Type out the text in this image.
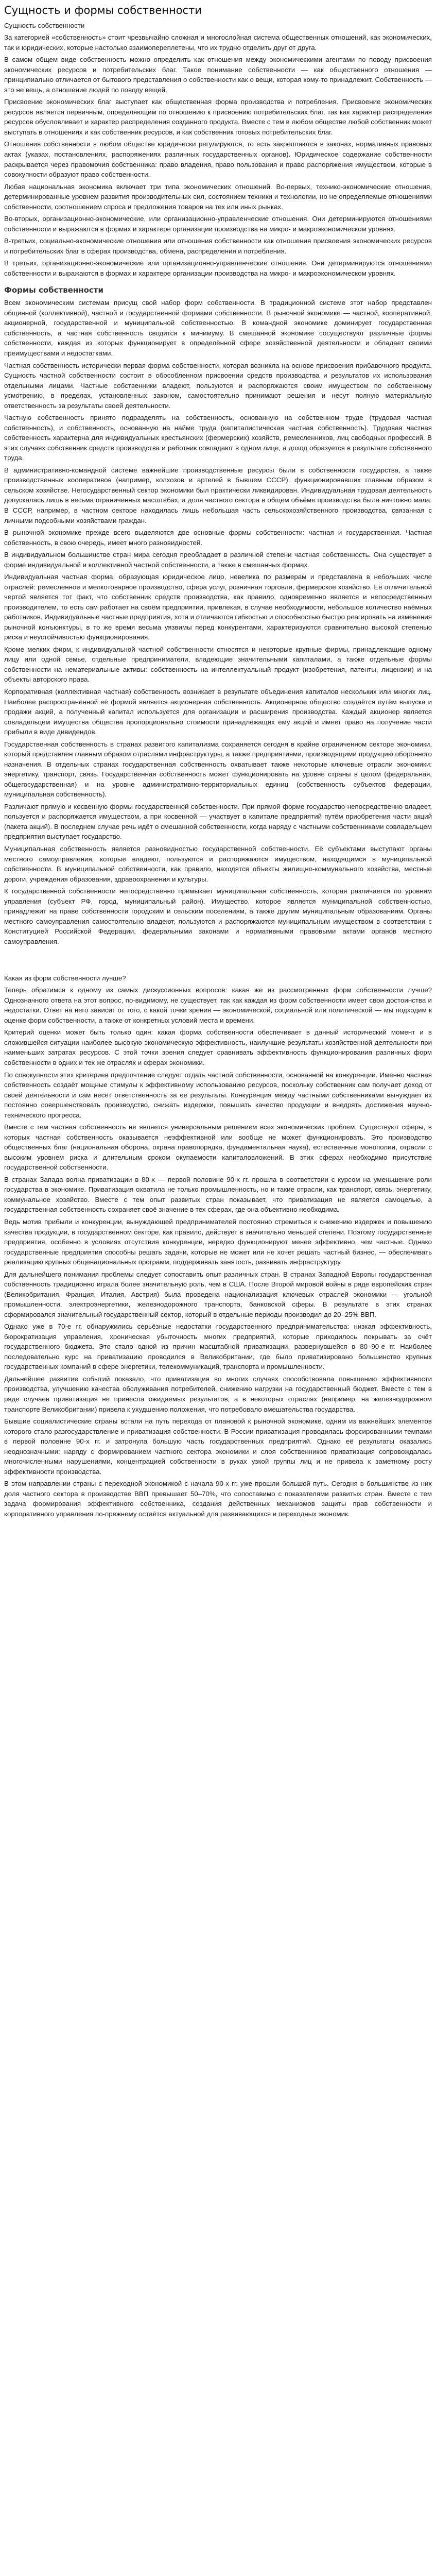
Сущность и формы собственности
Сущность собственности

За категорией «собственность» стоит чрезвычайно сложная и многослойная система общественных отношений, как экономических, так и юридических, которые настолько взаимопереплетены, что их трудно отделить друг от друга.

В самом общем виде собственность можно определить как отношения между экономическими агентами по поводу присвоения экономических ресурсов и потребительских благ. Такое понимание собственности — как общественного отношения — принципиально отличается от бытового представления о собственности как о вещи, которая кому-то принадлежит. Собственность — это не вещь, а отношение людей по поводу вещей.

Присвоение экономических благ выступает как общественная форма производства и потребления. Присвоение экономических ресурсов является первичным, определяющим по отношению к присвоению потребительских благ, так как характер распределения ресурсов обусловливает и характер распределения созданного продукта. Вместе с тем в любом обществе любой собственник может выступать в отношениях и как собственник ресурсов, и как собственник готовых потребительских благ.

Отношения собственности в любом обществе юридически регулируются, то есть закрепляются в законах, нормативных правовых актах (указах, постановлениях, распоряжениях различных государственных органов). Юридическое содержание собственности раскрывается через правомочия собственника: право владения, право пользования и право распоряжения имуществом, которые в совокупности образуют право собственности.

Любая национальная экономика включает три типа экономических отношений. Во-первых, технико-экономические отношения, детерминированные уровнем развития производительных сил, состоянием техники и технологии, но не определяемые отношениями собственности, соотношением спроса и предложения товаров на тех или иных рынках.

Во-вторых, организационно-экономические, или организационно-управленческие отношения. Они детерминируются отношениями собственности и выражаются в формах и характере организации производства на микро- и макроэкономическом уровнях.

В-третьих, социально-экономические отношения или отношения собственности как отношения присвоения экономических ресурсов и потребительских благ в сферах производства, обмена, распределения и потребления.

В третьих, организационно-экономические или организационно-управленческие отношения. Они детерминируются отношениями собственности и выражаются в формах и характере организации производства на микро- и макроэкономическом уровнях.

Формы собственности

Всем экономическим системам присущ свой набор форм собственности. В традиционной системе этот набор представлен общинной (коллективной), частной и государственной формами собственности. В рыночной экономике — частной, кооперативной, акционерной, государственной и муниципальной собственностью. В командной экономике доминирует государственная собственность, а частная собственность сводится к минимуму. В смешанной экономике сосуществуют различные формы собственности, каждая из которых функционирует в определённой сфере хозяйственной деятельности и обладает своими преимуществами и недостатками.

Частная собственность исторически первая форма собственности, которая возникла на основе присвоения прибавочного продукта. Сущность частной собственности состоит в обособленном присвоении средств производства и результатов их использования отдельными лицами. Частные собственники владеют, пользуются и распоряжаются своим имуществом по собственному усмотрению, в пределах, установленных законом, самостоятельно принимают решения и несут полную материальную ответственность за результаты своей деятельности.

Частную собственность принято подразделять на собственность, основанную на собственном труде (трудовая частная собственность), и собственность, основанную на найме труда (капиталистическая частная собственность). Трудовая частная собственность характерна для индивидуальных крестьянских (фермерских) хозяйств, ремесленников, лиц свободных профессий. В этих случаях собственник средств производства и работник совпадают в одном лице, а доход образуется в результате собственного труда.

В административно-командной системе важнейшие производственные ресурсы были в собственности государства, а также производственных кооперативов (например, колхозов и артелей в бывшем СССР), функционировавших главным образом в сельском хозяйстве. Негосударственный сектор экономики был практически ликвидирован. Индивидуальная трудовая деятельность допускалась лишь в весьма ограниченных масштабах, а доля частного сектора в общем объёме производства была ничтожно мала. В СССР, например, в частном секторе находилась лишь небольшая часть сельскохозяйственного производства, связанная с личными подсобными хозяйствами граждан.

В рыночной экономике прежде всего выделяются две основные формы собственности: частная и государственная. Частная собственность, в свою очередь, имеет много разновидностей.

В индивидуальном большинстве стран мира сегодня преобладает в различной степени частная собственность. Она существует в форме индивидуальной и коллективной частной собственности, а также в смешанных формах.

Индивидуальная частная форма, образующая юридическое лицо, невелика по размерам и представлена в небольших числе отраслей: ремесленное и мелкотоварное производство, сфера услуг, розничная торговля, фермерское хозяйство. Её отличительной чертой является тот факт, что собственник средств производства, как правило, одновременно является и непосредственным производителем, то есть сам работает на своём предприятии, привлекая, в случае необходимости, небольшое количество наёмных работников. Индивидуальные частные предприятия, хотя и отличаются гибкостью и способностью быстро реагировать на изменения рыночной конъюнктуры, в то же время весьма уязвимы перед конкурентами, характеризуются сравнительно высокой степенью риска и неустойчивостью функционирования.

Кроме мелких фирм, к индивидуальной частной собственности относятся и некоторые крупные фирмы, принадлежащие одному лицу или одной семье, отдельные предприниматели, владеющие значительными капиталами, а также отдельные формы собственности на нематериальные активы: собственность на интеллектуальный продукт (изобретения, патенты, лицензии) и на объекты авторского права.

Корпоративная (коллективная частная) собственность возникает в результате объединения капиталов нескольких или многих лиц. Наиболее распространённой её формой является акционерная собственность. Акционерное общество создаётся путём выпуска и продажи акций, а полученный капитал используется для организации и расширения производства. Каждый акционер является совладельцем имущества общества пропорционально стоимости принадлежащих ему акций и имеет право на получение части прибыли в виде дивидендов.

Государственная собственность в странах развитого капитализма сохраняется сегодня в крайне ограниченном секторе экономики, который представлен главным образом отраслями инфраструктуры, а также предприятиями, производящими продукцию оборонного назначения. В отдельных странах государственная собственность охватывает также некоторые ключевые отрасли экономики: энергетику, транспорт, связь. Государственная собственность может функционировать на уровне страны в целом (федеральная, общегосударственная) и на уровне административно-территориальных единиц (собственность субъектов федерации, муниципальная собственность).

Различают прямую и косвенную формы государственной собственности. При прямой форме государство непосредственно владеет, пользуется и распоряжается имуществом, а при косвенной — участвует в капитале предприятий путём приобретения части акций (пакета акций). В последнем случае речь идёт о смешанной собственности, когда наряду с частными собственниками совладельцем предприятия выступает государство.

Муниципальная собственность является разновидностью государственной собственности. Её субъектами выступают органы местного самоуправления, которые владеют, пользуются и распоряжаются имуществом, находящимся в муниципальной собственности. В муниципальной собственности, как правило, находятся объекты жилищно-коммунального хозяйства, местные дороги, учреждения образования, здравоохранения и культуры.

К государственной собственности непосредственно примыкает муниципальная собственность, которая различается по уровням управления (субъект РФ, город, муниципальный район). Имущество, которое является муниципальной собственностью, принадлежит на праве собственности городским и сельским поселениям, а также другим муниципальным образованиям. Органы местного самоуправления самостоятельно владеют, пользуются и распоряжаются муниципальным имуществом в соответствии с Конституцией Российской Федерации, федеральными законами и нормативными правовыми актами органов местного самоуправления.

Какая из форм собственности лучше?

Теперь обратимся к одному из самых дискуссионных вопросов: какая же из рассмотренных форм собственности лучше? Однозначного ответа на этот вопрос, по-видимому, не существует, так как каждая из форм собственности имеет свои достоинства и недостатки. Ответ на него зависит от того, с какой точки зрения — экономической, социальной или политической — мы подходим к оценке форм собственности, а также от конкретных условий места и времени.

Критерий оценки может быть только один: какая форма собственности обеспечивает в данный исторический момент и в сложившейся ситуации наиболее высокую экономическую эффективность, наилучшие результаты хозяйственной деятельности при наименьших затратах ресурсов. С этой точки зрения следует сравнивать эффективность функционирования различных форм собственности в одних и тех же отраслях и сферах экономики.

По совокупности этих критериев предпочтение следует отдать частной собственности, основанной на конкуренции. Именно частная собственность создаёт мощные стимулы к эффективному использованию ресурсов, поскольку собственник сам получает доход от своей деятельности и сам несёт ответственность за её результаты. Конкуренция между частными собственниками вынуждает их постоянно совершенствовать производство, снижать издержки, повышать качество продукции и внедрять достижения научно-технического прогресса.

Вместе с тем частная собственность не является универсальным решением всех экономических проблем. Существуют сферы, в которых частная собственность оказывается неэффективной или вообще не может функционировать. Это производство общественных благ (национальная оборона, охрана правопорядка, фундаментальная наука), естественные монополии, отрасли с высоким уровнем риска и длительным сроком окупаемости капиталовложений. В этих сферах необходимо присутствие государственной собственности.

В странах Запада волна приватизации в 80-х — первой половине 90-х гг. прошла в соответствии с курсом на уменьшение роли государства в экономике. Приватизация охватила не только промышленность, но и такие отрасли, как транспорт, связь, энергетику, коммунальное хозяйство. Вместе с тем опыт развитых стран показывает, что приватизация не является самоцелью, а государственная собственность сохраняет своё значение в тех сферах, где она объективно необходима.

Ведь мотив прибыли и конкуренции, вынуждающей предпринимателей постоянно стремиться к снижению издержек и повышению качества продукции, в государственном секторе, как правило, действует в значительно меньшей степени. Поэтому государственные предприятия, особенно в условиях отсутствия конкуренции, нередко функционируют менее эффективно, чем частные. Однако государственные предприятия способны решать задачи, которые не может или не хочет решать частный бизнес, — обеспечивать реализацию крупных общенациональных программ, поддерживать занятость, развивать инфраструктуру.

Для дальнейшего понимания проблемы следует сопоставить опыт различных стран. В странах Западной Европы государственная собственность традиционно играла более значительную роль, чем в США. После Второй мировой войны в ряде европейских стран (Великобритания, Франция, Италия, Австрия) была проведена национализация ключевых отраслей экономики — угольной промышленности, электроэнергетики, железнодорожного транспорта, банковской сферы. В результате в этих странах сформировался значительный государственный сектор, который в отдельные периоды производил до 20–25% ВВП.

Однако уже в 70-е гг. обнаружились серьёзные недостатки государственного предпринимательства: низкая эффективность, бюрократизация управления, хроническая убыточность многих предприятий, которые приходилось покрывать за счёт государственного бюджета. Это стало одной из причин масштабной приватизации, развернувшейся в 80–90-е гг. Наиболее последовательно курс на приватизацию проводился в Великобритании, где было приватизировано большинство крупных государственных компаний в сфере энергетики, телекоммуникаций, транспорта и промышленности.

Дальнейшее развитие событий показало, что приватизация во многих случаях способствовала повышению эффективности производства, улучшению качества обслуживания потребителей, снижению нагрузки на государственный бюджет. Вместе с тем в ряде случаев приватизация не принесла ожидаемых результатов, а в некоторых отраслях (например, на железнодорожном транспорте Великобритании) привела к ухудшению положения, что потребовало вмешательства государства.

Бывшие социалистические страны встали на путь перехода от плановой к рыночной экономике, одним из важнейших элементов которого стало разгосударствление и приватизация собственности. В России приватизация проводилась форсированными темпами в первой половине 90-х гг. и затронула большую часть государственных предприятий. Однако её результаты оказались неоднозначными: наряду с формированием частного сектора экономики и слоя собственников приватизация сопровождалась многочисленными нарушениями, концентрацией собственности в руках узкой группы лиц и не привела к заметному росту эффективности производства.

В этом направлении страны с переходной экономикой с начала 90-х гг. уже прошли большой путь. Сегодня в большинстве из них доля частного сектора в производстве ВВП превышает 50–70%, что сопоставимо с показателями развитых стран. Вместе с тем задача формирования эффективного собственника, создания действенных механизмов защиты прав собственности и корпоративного управления по-прежнему остаётся актуальной для развивающихся и переходных экономик.
